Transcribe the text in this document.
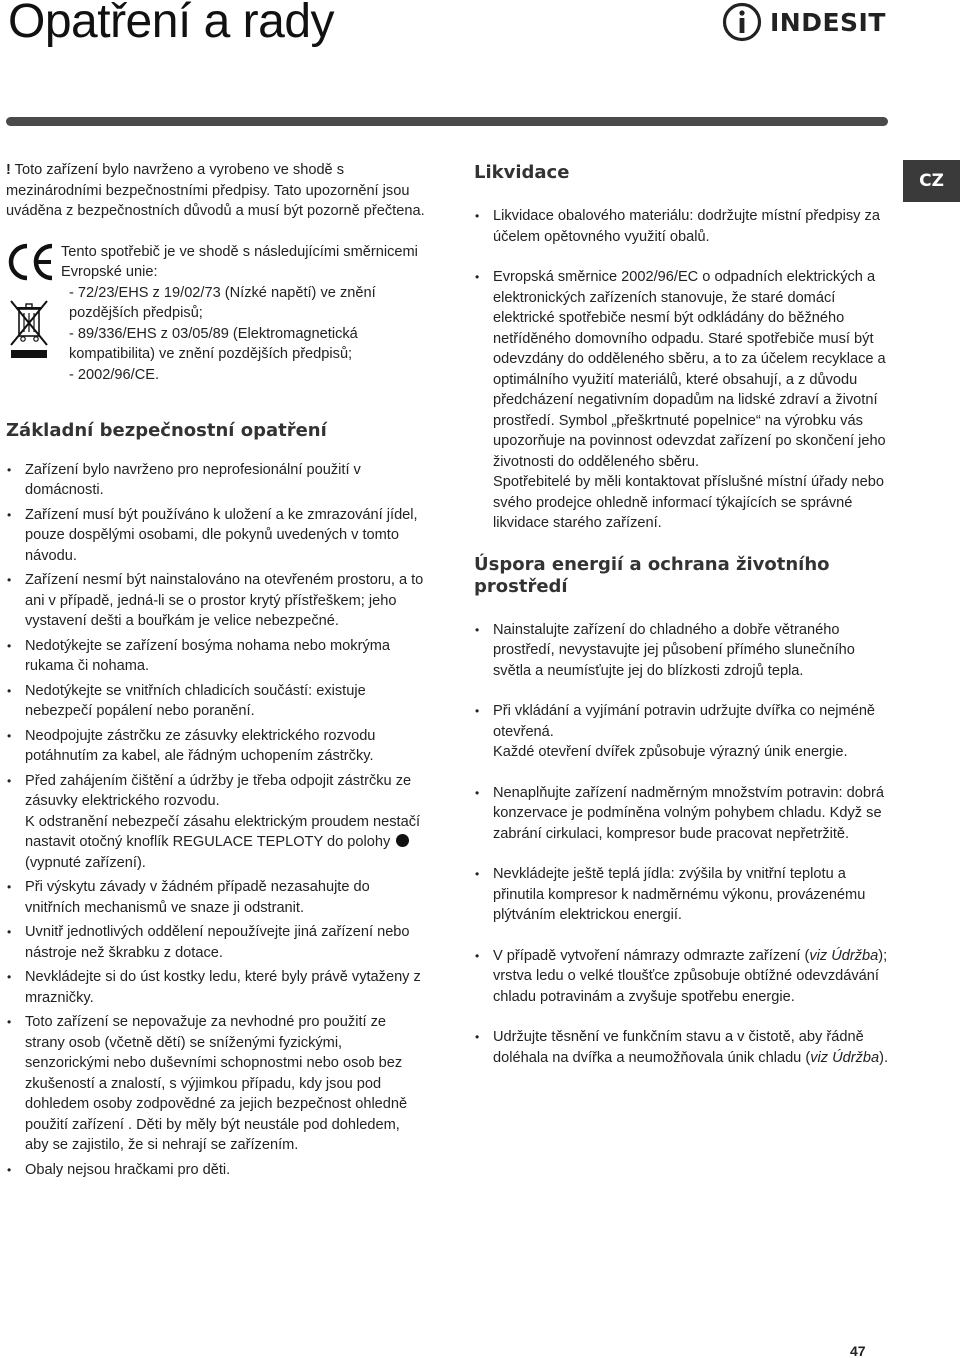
Opatření a rady	INDESIT
CZ

! Toto zařízení bylo navrženo a vyrobeno ve shodě s mezinárodními bezpečnostními předpisy. Tato upozornění jsou uváděna z bezpečnostních důvodů a musí být pozorně přečtena.

Tento spotřebič je ve shodě s následujícími směrnicemi Evropské unie:

- 72/23/EHS z 19/02/73 (Nízké napětí) ve znění pozdějších předpisů;

- 89/336/EHS z 03/05/89 (Elektromagnetická kompatibilita) ve znění pozdějších předpisů;

- 2002/96/CE.

Základní bezpečnostní opatření
• Zařízení bylo navrženo pro neprofesionální použití v domácnosti.
• Zařízení musí být používáno k uložení a ke zmrazování jídel, pouze dospělými osobami, dle pokynů uvedených v tomto návodu.
• Zařízení nesmí být nainstalováno na otevřeném prostoru, a to ani v případě, jedná-li se o prostor krytý přístřeškem; jeho vystavení dešti a bouřkám je velice nebezpečné.
• Nedotýkejte se zařízení bosýma nohama nebo mokrýma rukama či nohama.
• Nedotýkejte se vnitřních chladicích součástí: existuje nebezpečí popálení nebo poranění.
• Neodpojujte zástrčku ze zásuvky elektrického rozvodu potáhnutím za kabel, ale řádným uchopením zástrčky.
• Před zahájením čištění a údržby je třeba odpojit zástrčku ze zásuvky elektrického rozvodu.
K odstranění nebezpečí zásahu elektrickým proudem nestačí nastavit otočný knoflík REGULACE TEPLOTY do polohy  (vypnuté zařízení).
• Při výskytu závady v žádném případě nezasahujte do vnitřních mechanismů ve snaze ji odstranit.
• Uvnitř jednotlivých oddělení nepoužívejte jiná zařízení nebo nástroje než škrabku z dotace.
• Nevkládejte si do úst kostky ledu, které byly právě vytaženy z mrazničky.
• Toto zařízení se nepovažuje za nevhodné pro použití ze strany osob (včetně dětí) se sníženými fyzickými, senzorickými nebo duševními schopnostmi nebo osob bez zkušeností a znalostí, s výjimkou případu, kdy jsou pod dohledem osoby zodpovědné za jejich bezpečnost ohledně použití zařízení . Děti by měly být neustále pod dohledem, aby se zajistilo, že si nehrají se zařízením.
• Obaly nejsou hračkami pro děti.
Likvidace
• Likvidace obalového materiálu: dodržujte místní předpisy za účelem opětovného využití obalů.
• Evropská směrnice 2002/96/EC o odpadních elektrických a elektronických zařízeních stanovuje, že staré domácí elektrické spotřebiče nesmí být odkládány do běžného netříděného domovního odpadu. Staré spotřebiče musí být odevzdány do odděleného sběru, a to za účelem recyklace a optimálního využití materiálů, které obsahují, a z důvodu předcházení negativním dopadům na lidské zdraví a životní prostředí. Symbol „přeškrtnuté popelnice“ na výrobku vás upozorňuje na povinnost odevzdat zařízení po skončení jeho životnosti do odděleného sběru.
Spotřebitelé by měli kontaktovat příslušné místní úřady nebo svého prodejce ohledně informací týkajících se správné likvidace starého zařízení.
Úspora energií a ochrana životního prostředí
• Nainstalujte zařízení do chladného a dobře větraného prostředí, nevystavujte jej působení přímého slunečního světla a neumísťujte jej do blízkosti zdrojů tepla.
• Při vkládání a vyjímání potravin udržujte dvířka co nejméně otevřená.
Každé otevření dvířek způsobuje výrazný únik energie.
• Nenaplňujte zařízení nadměrným množstvím potravin: dobrá konzervace je podmíněna volným pohybem chladu. Když se zabrání cirkulaci, kompresor bude pracovat nepřetržitě.
• Nevkládejte ještě teplá jídla: zvýšila by vnitřní teplotu a přinutila kompresor k nadměrnému výkonu, provázenému plýtváním elektrickou energií.
• V případě vytvoření námrazy odmrazte zařízení (viz Údržba); vrstva ledu o velké tloušťce způsobuje obtížné odevzdávání chladu potravinám a zvyšuje spotřebu energie.
• Udržujte těsnění ve funkčním stavu a v čistotě, aby řádně doléhala na dvířka a neumožňovala únik chladu (viz Údržba).
47
